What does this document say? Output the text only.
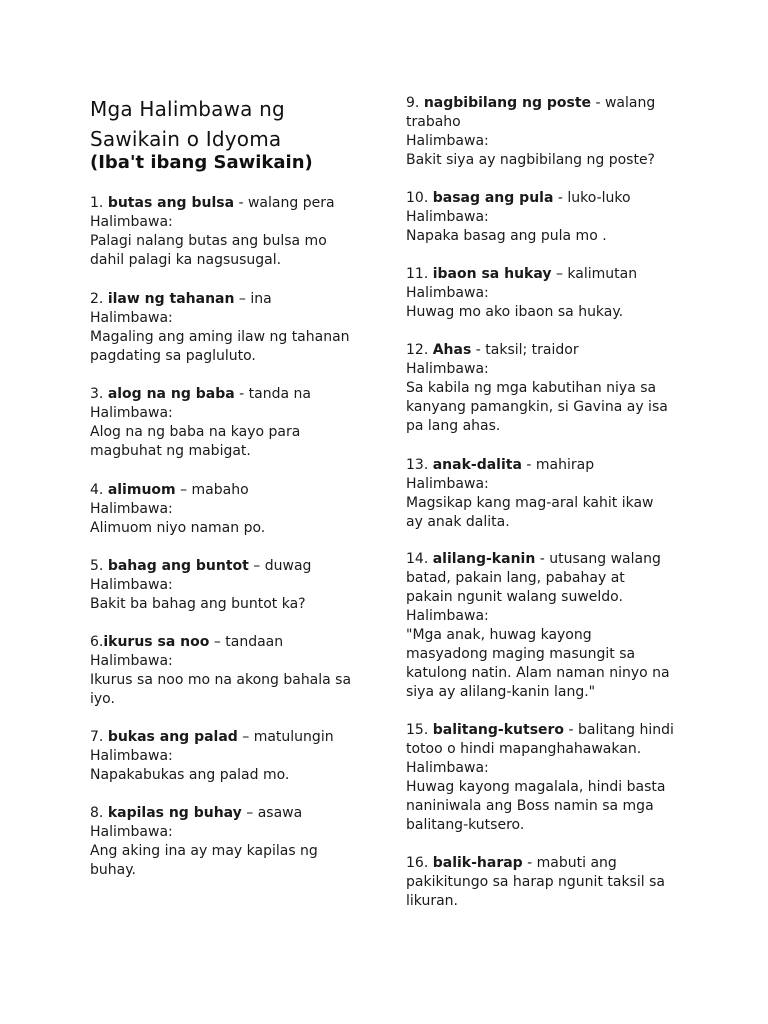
Mga Halimbawa ng Sawikain o Idyoma
(Iba't ibang Sawikain)
1. butas ang bulsa - walang pera
Halimbawa:
Palagi nalang butas ang bulsa mo dahil palagi ka nagsusugal.
2. ilaw ng tahanan – ina
Halimbawa:
Magaling ang aming ilaw ng tahanan pagdating sa pagluluto.
3. alog na ng baba - tanda na
Halimbawa:
Alog na ng baba na kayo para magbuhat ng mabigat.
4. alimuom – mabaho
Halimbawa:
Alimuom niyo naman po.
5. bahag ang buntot – duwag
Halimbawa:
Bakit ba bahag ang buntot ka?
6.ikurus sa noo – tandaan
Halimbawa:
Ikurus sa noo mo na akong bahala sa iyo.
7. bukas ang palad – matulungin
Halimbawa:
Napakabukas ang palad mo.
8. kapilas ng buhay – asawa
Halimbawa:
Ang aking ina ay may kapilas ng buhay.
9. nagbibilang ng poste - walang trabaho
Halimbawa:
Bakit siya ay nagbibilang ng poste?
10. basag ang pula - luko-luko
Halimbawa:
Napaka basag ang pula mo .
11. ibaon sa hukay – kalimutan
Halimbawa:
Huwag mo ako ibaon sa hukay.
12. Ahas - taksil; traidor
Halimbawa:
Sa kabila ng mga kabutihan niya sa kanyang pamangkin, si Gavina ay isa pa lang ahas.
13. anak-dalita - mahirap
Halimbawa:
Magsikap kang mag-aral kahit ikaw ay anak dalita.
14. alilang-kanin - utusang walang batad, pakain lang, pabahay at pakain ngunit walang suweldo.
Halimbawa:
"Mga anak, huwag kayong masyadong maging masungit sa katulong natin. Alam naman ninyo na siya ay alilang-kanin lang."
15. balitang-kutsero - balitang hindi totoo o hindi mapanghahawakan.
Halimbawa:
Huwag kayong magalala, hindi basta naniniwala ang Boss namin sa mga balitang-kutsero.
16. balik-harap - mabuti ang pakikitungo sa harap ngunit taksil sa likuran.
